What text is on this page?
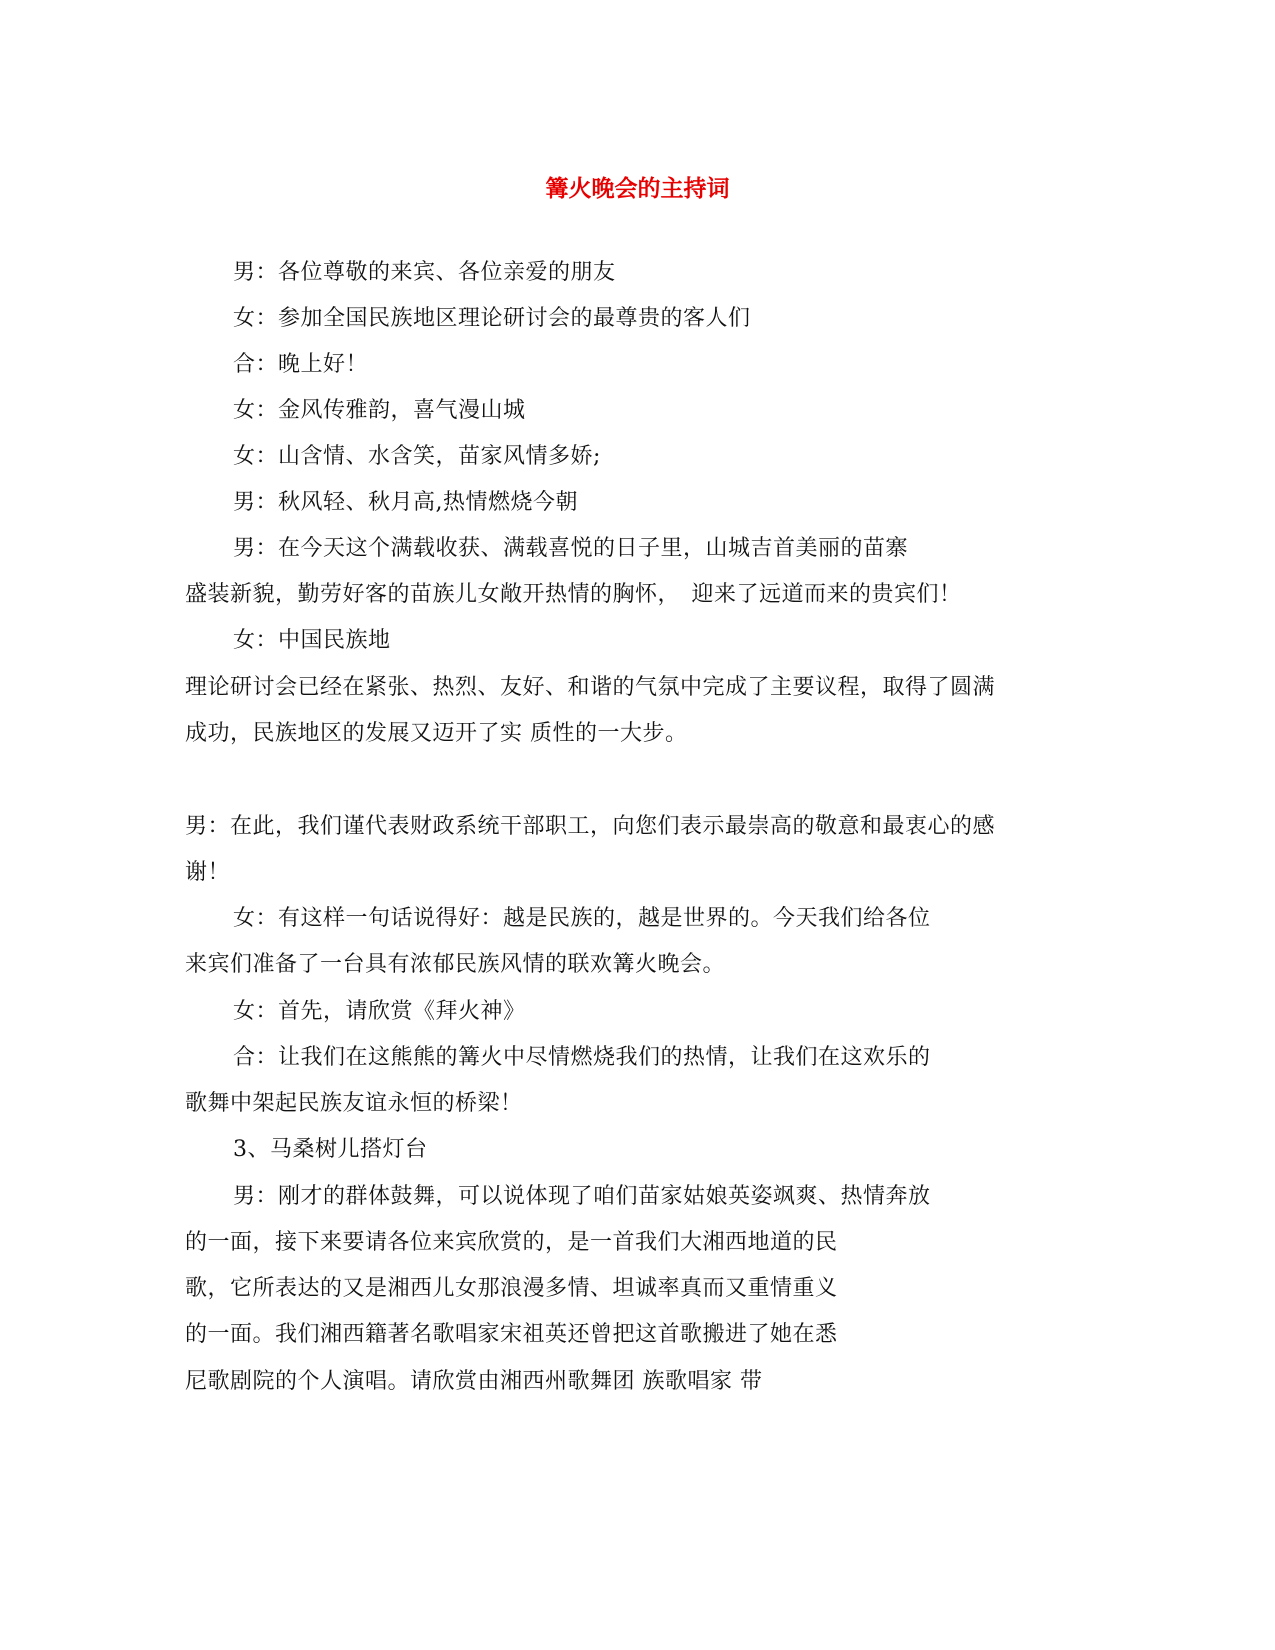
篝火晚会的主持词
男：各位尊敬的来宾、各位亲爱的朋友
女：参加全国民族地区理论研讨会的最尊贵的客人们
合：晚上好！
女：金风传雅韵，喜气漫山城
女：山含情、水含笑，苗家风情多娇;
男：秋风轻、秋月高,热情燃烧今朝
男：在今天这个满载收获、满载喜悦的日子里，山城吉首美丽的苗寨
盛装新貌，勤劳好客的苗族儿女敞开热情的胸怀，　迎来了远道而来的贵宾们！
女：中国民族地
理论研讨会已经在紧张、热烈、友好、和谐的气氛中完成了主要议程，取得了圆满
成功，民族地区的发展又迈开了实 质性的一大步。
男：在此，我们谨代表财政系统干部职工，向您们表示最崇高的敬意和最衷心的感
谢！
女：有这样一句话说得好：越是民族的，越是世界的。今天我们给各位
来宾们准备了一台具有浓郁民族风情的联欢篝火晚会。
女：首先，请欣赏《拜火神》
合：让我们在这熊熊的篝火中尽情燃烧我们的热情，让我们在这欢乐的
歌舞中架起民族友谊永恒的桥梁！
3、马桑树儿搭灯台
男：刚才的群体鼓舞，可以说体现了咱们苗家姑娘英姿飒爽、热情奔放
的一面，接下来要请各位来宾欣赏的，是一首我们大湘西地道的民
歌，它所表达的又是湘西儿女那浪漫多情、坦诚率真而又重情重义
的一面。我们湘西籍著名歌唱家宋祖英还曾把这首歌搬进了她在悉
尼歌剧院的个人演唱。请欣赏由湘西州歌舞团 族歌唱家 带
